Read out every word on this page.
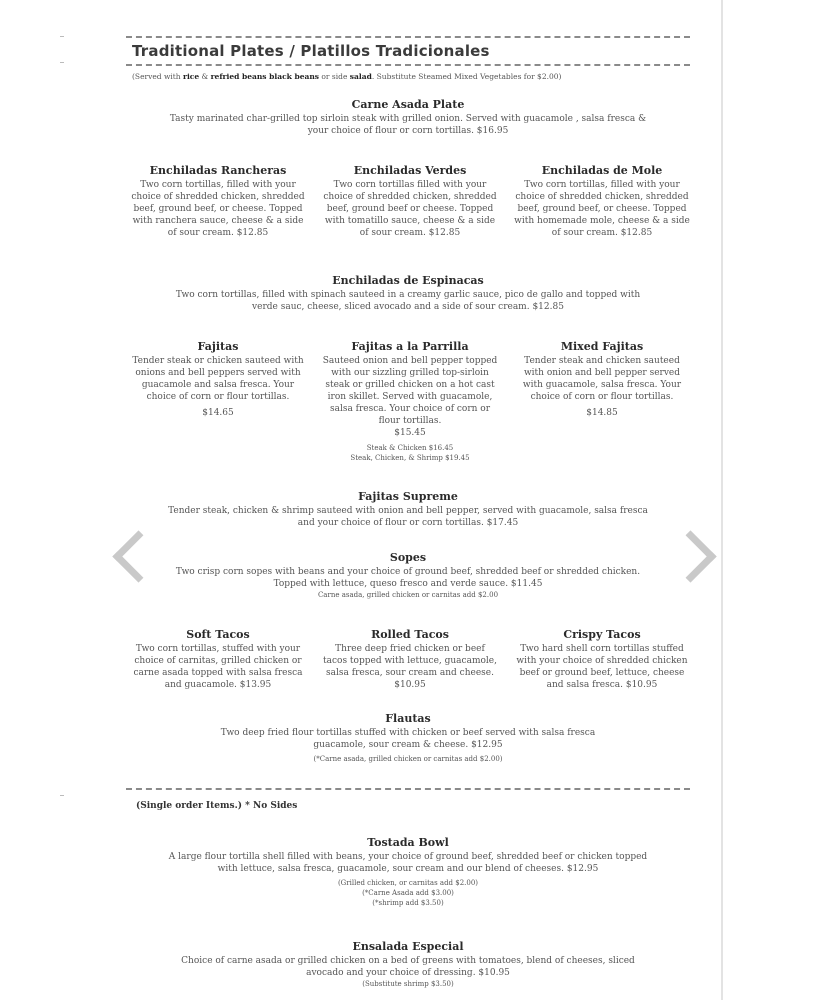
Traditional Plates / Platillos Tradicionales
(Served with rice & refried beans black beans or side salad. Substitute Steamed Mixed Vegetables for $2.00)
Carne Asada Plate
Tasty marinated char-grilled top sirloin steak with grilled onion. Served with guacamole , salsa fresca & your choice of flour or corn tortillas. $16.95
Enchiladas Rancheras
Two corn tortillas, filled with your choice of shredded chicken, shredded beef, ground beef, or cheese. Topped with ranchera sauce, cheese & a side of sour cream. $12.85
Enchiladas Verdes
Two corn tortillas filled with your choice of shredded chicken, shredded beef, ground beef or cheese. Topped with tomatillo sauce, cheese & a side of sour cream. $12.85
Enchiladas de Mole
Two corn tortillas, filled with your choice of shredded chicken, shredded beef, ground beef, or cheese. Topped with homemade mole, cheese & a side of sour cream. $12.85
Enchiladas de Espinacas
Two corn tortillas, filled with spinach sauteed in a creamy garlic sauce, pico de gallo and topped with verde sauc, cheese, sliced avocado and a side of sour cream. $12.85
Fajitas
Tender steak or chicken sauteed with onions and bell peppers served with guacamole and salsa fresca. Your choice of corn or flour tortillas.
$14.65
Fajitas a la Parrilla
Sauteed onion and bell pepper topped with our sizzling grilled top-sirloin steak or grilled chicken on a hot cast iron skillet. Served with guacamole, salsa fresca. Your choice of corn or flour tortillas.
$15.45
Steak & Chicken $16.45
Steak, Chicken, & Shrimp $19.45
Mixed Fajitas
Tender steak and chicken sauteed with onion and bell pepper served with guacamole, salsa fresca. Your choice of corn or flour tortillas.
$14.85
Fajitas Supreme
Tender steak, chicken & shrimp sauteed with onion and bell pepper, served with guacamole, salsa fresca and your choice of flour or corn tortillas. $17.45
Sopes
Two crisp corn sopes with beans and your choice of ground beef, shredded beef or shredded chicken. Topped with lettuce, queso fresco and verde sauce. $11.45
Carne asada, grilled chicken or carnitas add $2.00
Soft Tacos
Two corn tortillas, stuffed with your choice of carnitas, grilled chicken or carne asada topped with salsa fresca and guacamole. $13.95
Rolled Tacos
Three deep fried chicken or beef tacos topped with lettuce, guacamole, salsa fresca, sour cream and cheese. $10.95
Crispy Tacos
Two hard shell corn tortillas stuffed with your choice of shredded chicken beef or ground beef, lettuce, cheese and salsa fresca. $10.95
Flautas
Two deep fried flour tortillas stuffed with chicken or beef served with salsa fresca guacamole, sour cream & cheese. $12.95
(*Carne asada, grilled chicken or carnitas add $2.00)
(Single order Items.) * No Sides
Tostada Bowl
A large flour tortilla shell filled with beans, your choice of ground beef, shredded beef or chicken topped with lettuce, salsa fresca, guacamole, sour cream and our blend of cheeses. $12.95
(Grilled chicken, or carnitas add $2.00)
(*Carne Asada add $3.00)
(*shrimp add $3.50)
Ensalada Especial
Choice of carne asada or grilled chicken on a bed of greens with tomatoes, blend of cheeses, sliced avocado and your choice of dressing. $10.95
(Substitute shrimp $3.50)
